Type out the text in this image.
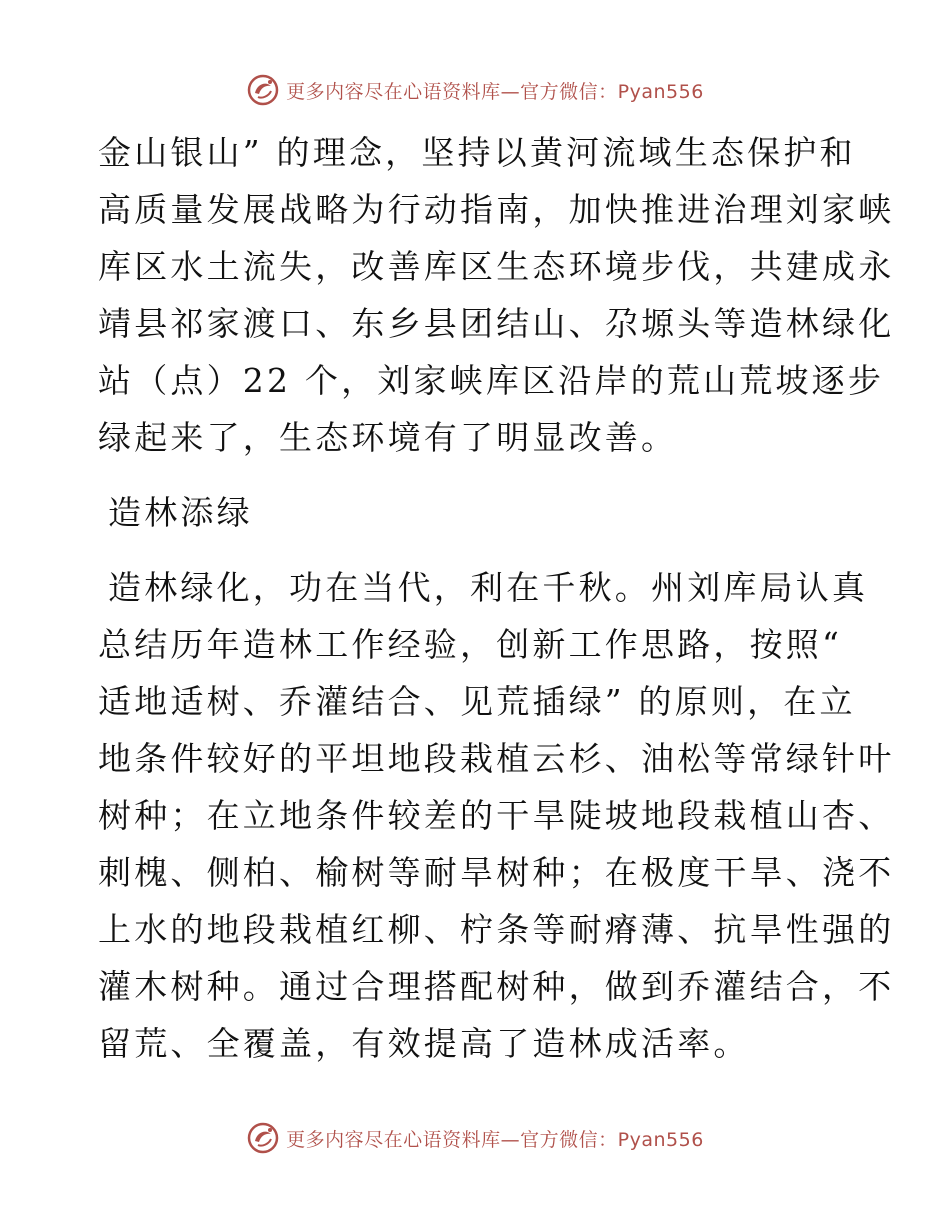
更多内容尽在心语资料库—官方微信：Pyan556
金山银山” 的理念，坚持以黄河流域生态保护和
高质量发展战略为行动指南，加快推进治理刘家峡
库区水土流失，改善库区生态环境步伐，共建成永
靖县祁家渡口、东乡县团结山、尕塬头等造林绿化
站（点）22 个，刘家峡库区沿岸的荒山荒坡逐步
绿起来了，生态环境有了明显改善。
造林添绿
造林绿化，功在当代，利在千秋。州刘库局认真
总结历年造林工作经验，创新工作思路，按照“
适地适树、乔灌结合、见荒插绿” 的原则，在立
地条件较好的平坦地段栽植云杉、油松等常绿针叶
树种；在立地条件较差的干旱陡坡地段栽植山杏、
刺槐、侧柏、榆树等耐旱树种；在极度干旱、浇不
上水的地段栽植红柳、柠条等耐瘠薄、抗旱性强的
灌木树种。通过合理搭配树种，做到乔灌结合，不
留荒、全覆盖，有效提高了造林成活率。
更多内容尽在心语资料库—官方微信：Pyan556
